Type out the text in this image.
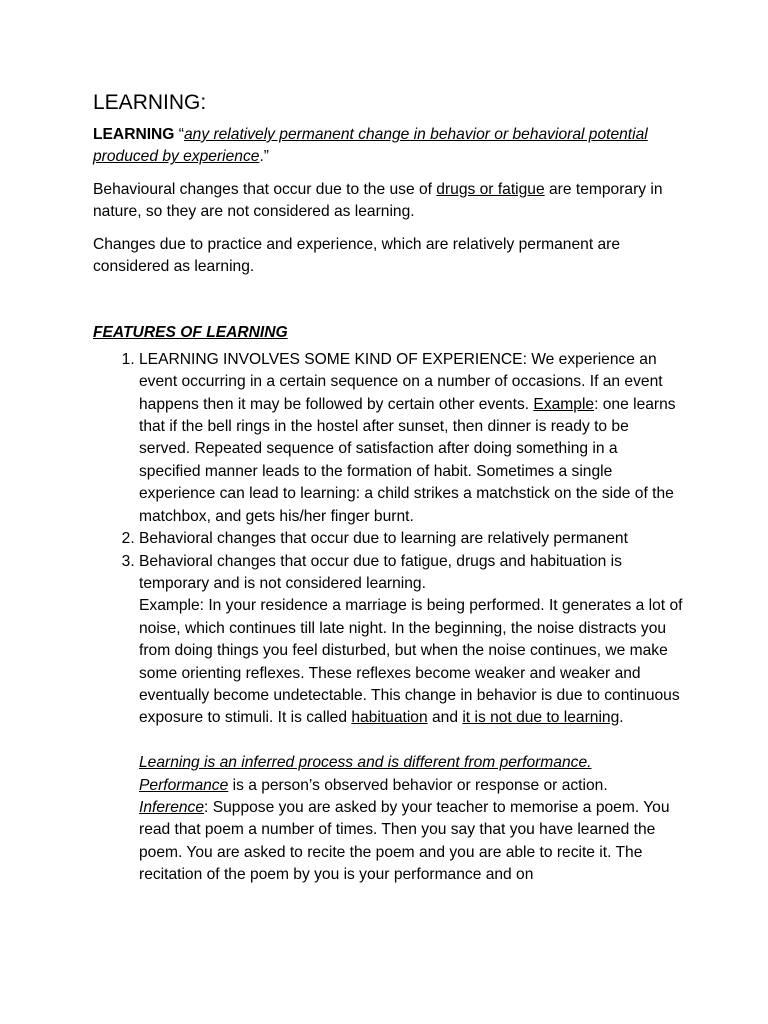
LEARNING:

LEARNING “any relatively permanent change in behavior or behavioral potential produced by experience.”

Behavioural changes that occur due to the use of drugs or fatigue are temporary in nature, so they are not considered as learning.

Changes due to practice and experience, which are relatively permanent are considered as learning.

FEATURES OF LEARNING

1. LEARNING INVOLVES SOME KIND OF EXPERIENCE: We experience an event occurring in a certain sequence on a number of occasions. If an event happens then it may be followed by certain other events. Example: one learns that if the bell rings in the hostel after sunset, then dinner is ready to be served. Repeated sequence of satisfaction after doing something in a specified manner leads to the formation of habit. Sometimes a single experience can lead to learning: a child strikes a matchstick on the side of the matchbox, and gets his/her finger burnt.
2. Behavioral changes that occur due to learning are relatively permanent
3. Behavioral changes that occur due to fatigue, drugs and habituation is temporary and is not considered learning.
Example: In your residence a marriage is being performed. It generates a lot of noise, which continues till late night. In the beginning, the noise distracts you from doing things you feel disturbed, but when the noise continues, we make some orienting reflexes. These reflexes become weaker and weaker and eventually become undetectable. This change in behavior is due to continuous exposure to stimuli. It is called habituation and it is not due to learning.
Learning is an inferred process and is different from performance.
Performance is a person’s observed behavior or response or action.
Inference: Suppose you are asked by your teacher to memorise a poem. You read that poem a number of times. Then you say that you have learned the poem. You are asked to recite the poem and you are able to recite it. The recitation of the poem by you is your performance and on
